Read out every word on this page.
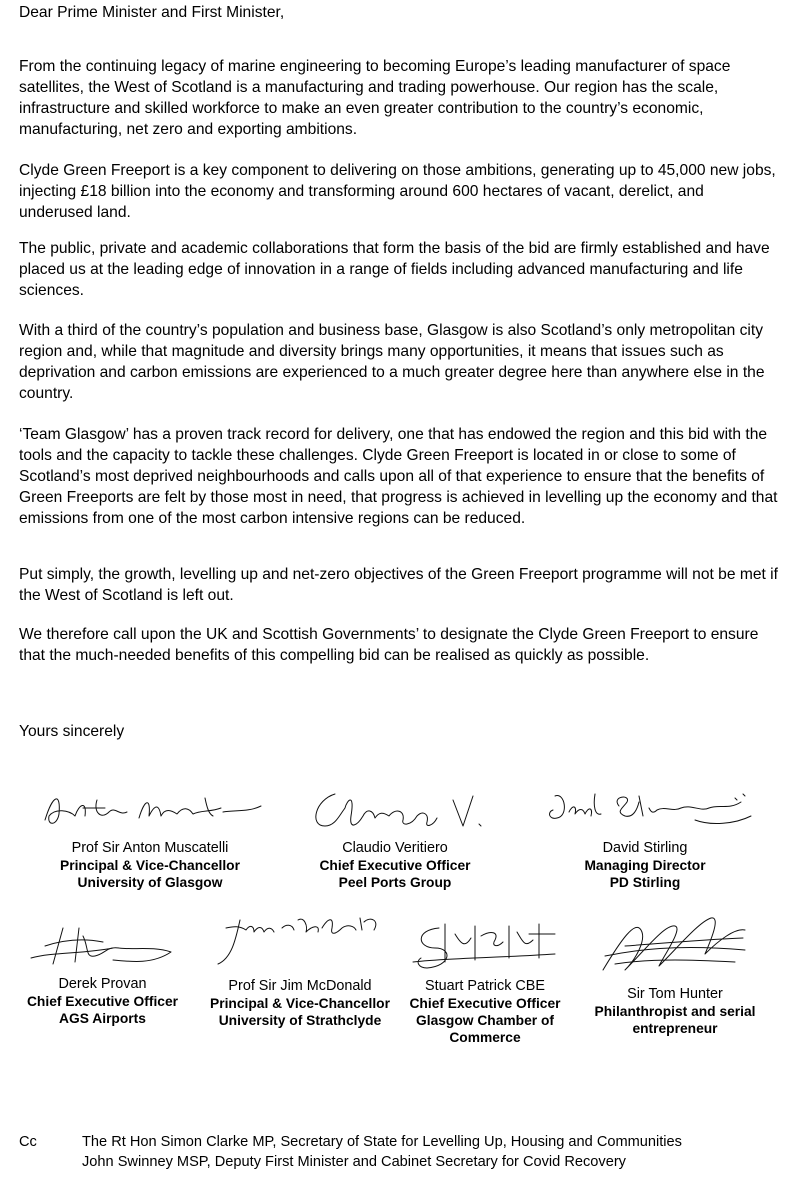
Dear Prime Minister and First Minister,

From the continuing legacy of marine engineering to becoming Europe’s leading manufacturer of space satellites, the West of Scotland is a manufacturing and trading powerhouse. Our region has the scale, infrastructure and skilled workforce to make an even greater contribution to the country’s economic, manufacturing, net zero and exporting ambitions.

Clyde Green Freeport is a key component to delivering on those ambitions, generating up to 45,000 new jobs, injecting £18 billion into the economy and transforming around 600 hectares of vacant, derelict, and underused land.

The public, private and academic collaborations that form the basis of the bid are firmly established and have placed us at the leading edge of innovation in a range of fields including advanced manufacturing and life sciences.

With a third of the country’s population and business base, Glasgow is also Scotland’s only metropolitan city region and, while that magnitude and diversity brings many opportunities, it means that issues such as deprivation and carbon emissions are experienced to a much greater degree here than anywhere else in the country.

‘Team Glasgow’ has a proven track record for delivery, one that has endowed the region and this bid with the tools and the capacity to tackle these challenges. Clyde Green Freeport is located in or close to some of Scotland’s most deprived neighbourhoods and calls upon all of that experience to ensure that the benefits of Green Freeports are felt by those most in need, that progress is achieved in levelling up the economy and that emissions from one of the most carbon intensive regions can be reduced.

Put simply, the growth, levelling up and net-zero objectives of the Green Freeport programme will not be met if the West of Scotland is left out.

We therefore call upon the UK and Scottish Governments’ to designate the Clyde Green Freeport to ensure that the much-needed benefits of this compelling bid can be realised as quickly as possible.

Yours sincerely

Prof Sir Anton Muscatelli
Principal & Vice-Chancellor
University of Glasgow
Claudio Veritiero
Chief Executive Officer
Peel Ports Group
David Stirling
Managing Director
PD Stirling
Derek Provan
Chief Executive Officer
AGS Airports
Prof Sir Jim McDonald
Principal & Vice-Chancellor
University of Strathclyde
Stuart Patrick CBE
Chief Executive Officer
Glasgow Chamber of Commerce
Sir Tom Hunter
Philanthropist and serial entrepreneur
Cc	The Rt Hon Simon Clarke MP, Secretary of State for Levelling Up, Housing and Communities
John Swinney MSP, Deputy First Minister and Cabinet Secretary for Covid Recovery
